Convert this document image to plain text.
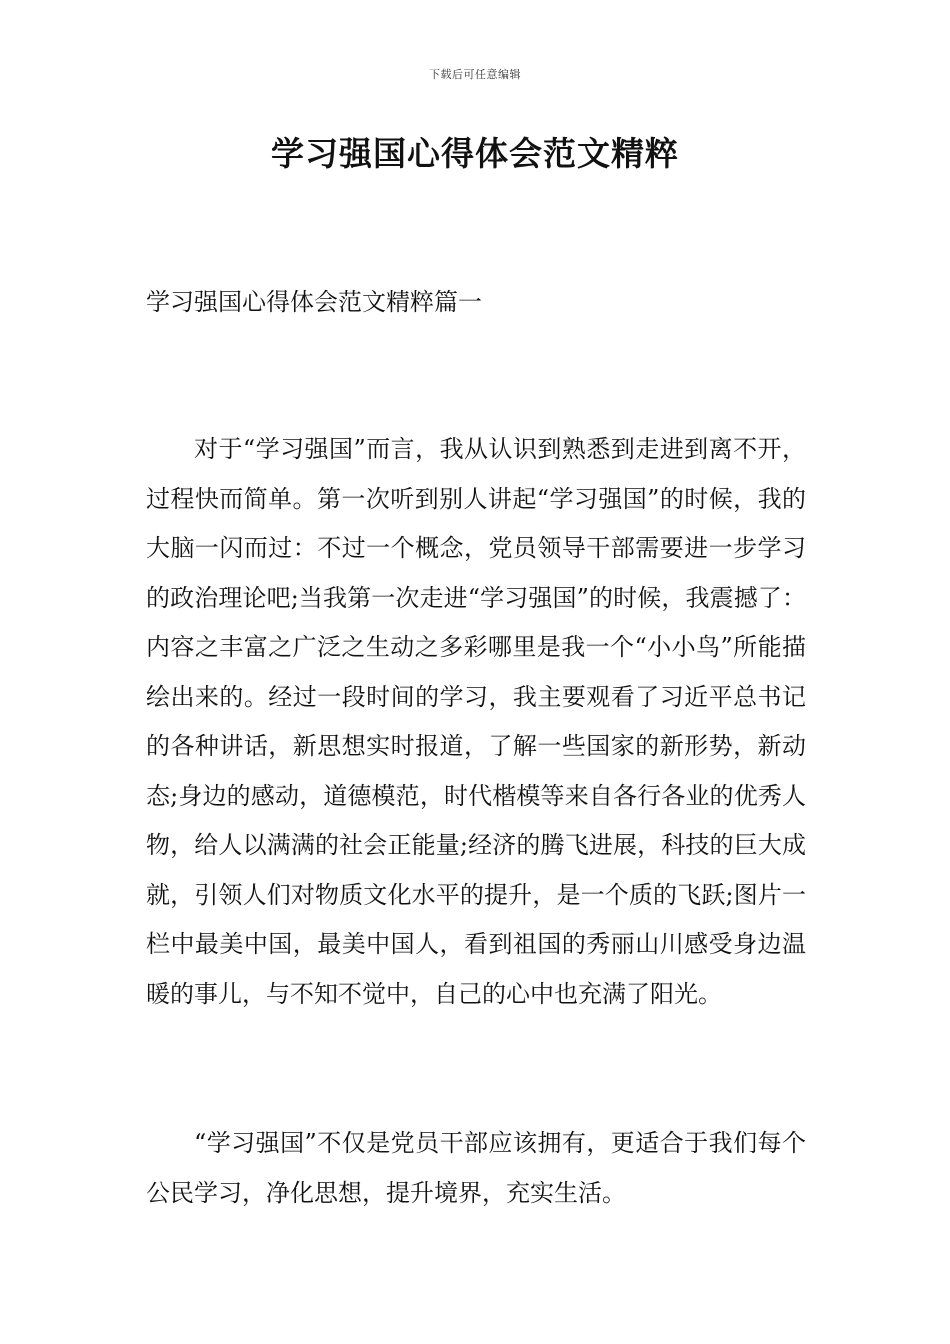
下载后可任意编辑
学习强国心得体会范文精粹
学习强国心得体会范文精粹篇一

对于“学习强国”而言，我从认识到熟悉到走进到离不开，过程快而简单。第一次听到别人讲起“学习强国”的时候，我的大脑一闪而过：不过一个概念，党员领导干部需要进一步学习的政治理论吧;当我第一次走进“学习强国”的时候，我震撼了：内容之丰富之广泛之生动之多彩哪里是我一个“小小鸟”所能描绘出来的。经过一段时间的学习，我主要观看了习近平总书记的各种讲话，新思想实时报道，了解一些国家的新形势，新动态;身边的感动，道德模范，时代楷模等来自各行各业的优秀人物，给人以满满的社会正能量;经济的腾飞进展，科技的巨大成就，引领人们对物质文化水平的提升，是一个质的飞跃;图片一栏中最美中国，最美中国人，看到祖国的秀丽山川感受身边温暖的事儿，与不知不觉中，自己的心中也充满了阳光。

“学习强国”不仅是党员干部应该拥有，更适合于我们每个公民学习，净化思想，提升境界，充实生活。
